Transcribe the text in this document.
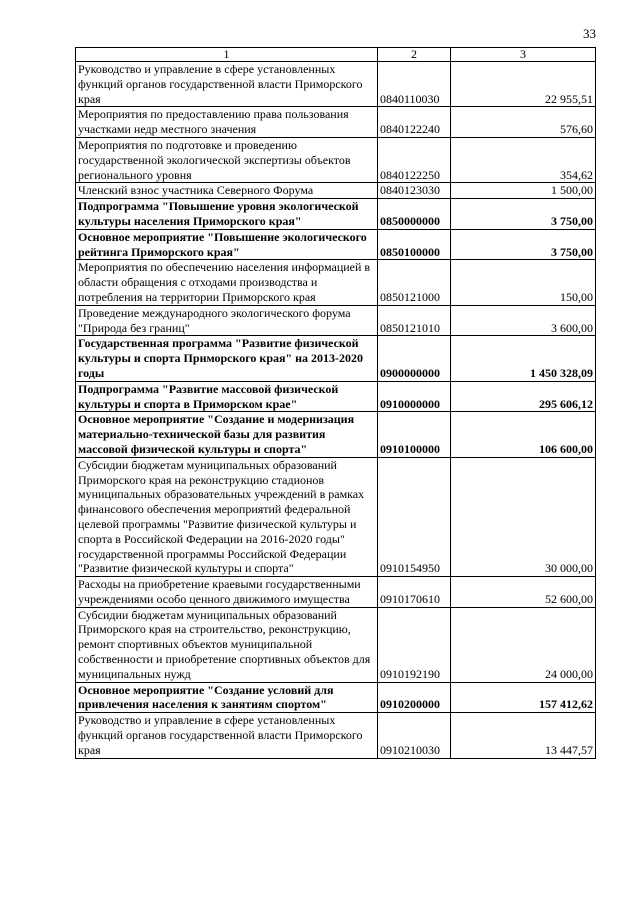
33
1	2	3
Руководство и управление в сфере установленных функций органов государственной власти Приморского края	0840110030	22 955,51
Мероприятия по предоставлению права пользования участками недр местного значения	0840122240	576,60
Мероприятия по подготовке и проведению государственной экологической экспертизы объектов регионального уровня	0840122250	354,62
Членский взнос участника Северного Форума	0840123030	1 500,00
Подпрограмма "Повышение уровня экологической культуры населения Приморского края"	0850000000	3 750,00
Основное мероприятие "Повышение экологического рейтинга Приморского края"	0850100000	3 750,00
Мероприятия по обеспечению населения информацией в области обращения с отходами производства и потребления на территории Приморского края	0850121000	150,00
Проведение международного экологического форума "Природа без границ"	0850121010	3 600,00
Государственная программа "Развитие физической культуры и спорта Приморского края" на 2013-2020 годы	0900000000	1 450 328,09
Подпрограмма "Развитие массовой физической культуры и спорта в Приморском крае"	0910000000	295 606,12
Основное мероприятие "Создание и модернизация материально-технической базы для развития массовой физической культуры и спорта"	0910100000	106 600,00
Субсидии бюджетам муниципальных образований Приморского края на реконструкцию стадионов муниципальных образовательных учреждений в рамках финансового обеспечения мероприятий федеральной целевой программы "Развитие физической культуры и спорта в Российской Федерации на 2016-2020 годы" государственной программы Российской Федерации "Развитие физической культуры и спорта"	0910154950	30 000,00
Расходы на приобретение краевыми государственными учреждениями особо ценного движимого имущества	0910170610	52 600,00
Субсидии бюджетам муниципальных образований Приморского края на строительство, реконструкцию, ремонт спортивных объектов муниципальной собственности и приобретение спортивных объектов для муниципальных нужд	0910192190	24 000,00
Основное мероприятие "Создание условий для привлечения населения к занятиям спортом"	0910200000	157 412,62
Руководство и управление в сфере установленных функций органов государственной власти Приморского края	0910210030	13 447,57
